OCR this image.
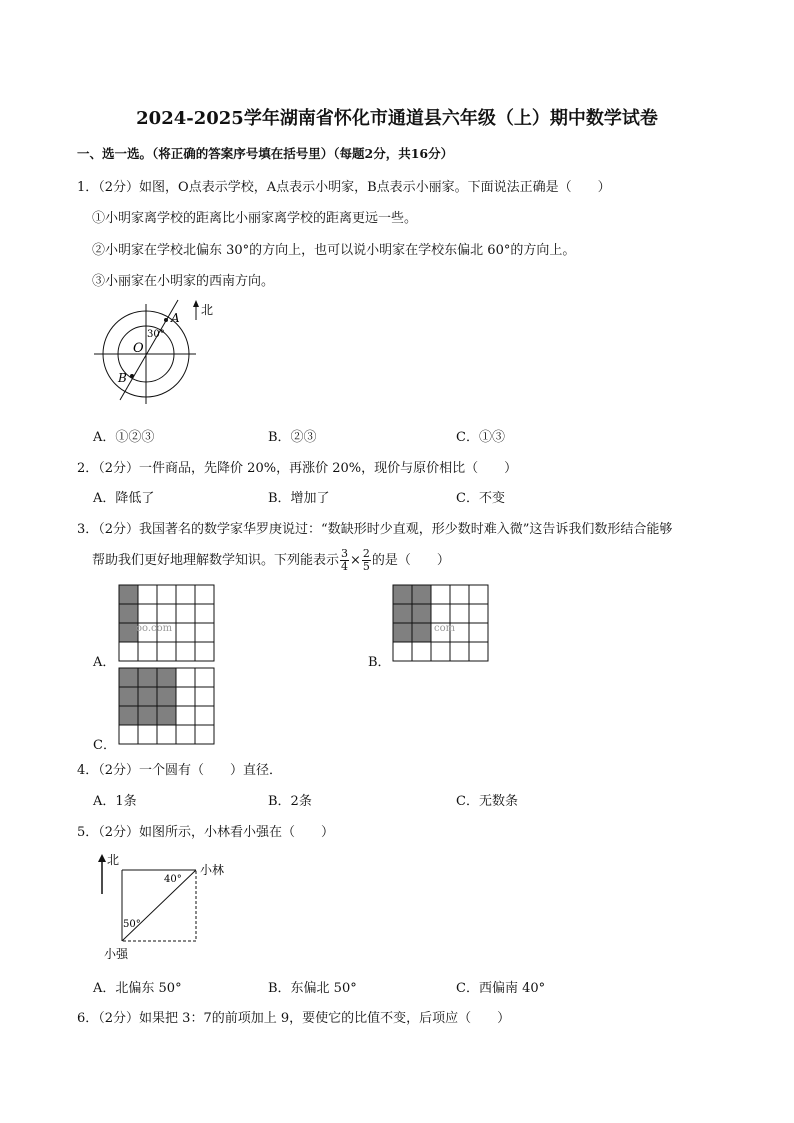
2024-2025学年湖南省怀化市通道县六年级（上）期中数学试卷
一、选一选。（将正确的答案序号填在括号里）（每题2分，共16分）
1．（2分）如图，O点表示学校，A点表示小明家，B点表示小丽家。下面说法正确是（　　）
①小明家离学校的距离比小丽家离学校的距离更远一些。
②小明家在学校北偏东 30°的方向上，也可以说小明家在学校东偏北 60°的方向上。
③小丽家在小明家的西南方向。
北
30°
A
O
B
A．①②③	B．②③	C．①③
2．（2分）一件商品，先降价 20%，再涨价 20%，现价与原价相比（　　）
A．降低了	B．增加了	C．不变
3．（2分）我国著名的数学家华罗庚说过：“数缺形时少直观，形少数时难入微”这告诉我们数形结合能够
帮助我们更好地理解数学知识。下列能表示 $\frac{3}{4} \times \frac{2}{5}$ 的是（　　）
A．
oo.com
B．
com
C．
4．（2分）一个圆有（　　）直径．
A．1条	B．2条	C．无数条
5．（2分）如图所示，小林看小强在（　　）
北
小林
40°
50°
小强
A．北偏东 50°	B．东偏北 50°	C．西偏南 40°
6．（2分）如果把 3：7的前项加上 9，要使它的比值不变，后项应（　　）
